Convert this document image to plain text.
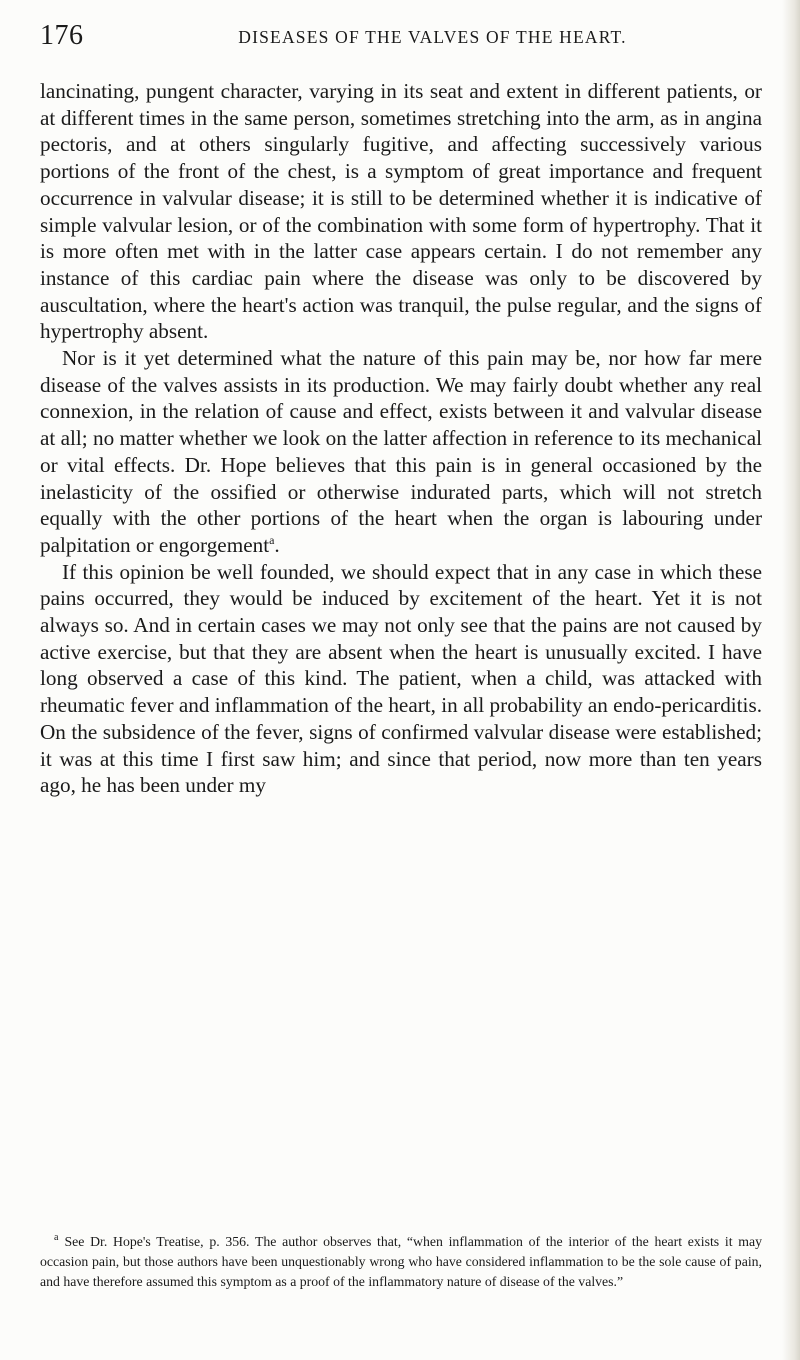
176	DISEASES OF THE VALVES OF THE HEART.

lancinating, pungent character, varying in its seat and extent in different patients, or at different times in the same person, sometimes stretching into the arm, as in angina pectoris, and at others singularly fugitive, and affecting successively various portions of the front of the chest, is a symptom of great importance and frequent occurrence in valvular disease; it is still to be determined whether it is indicative of simple valvular lesion, or of the combination with some form of hypertrophy. That it is more often met with in the latter case appears certain. I do not remember any instance of this cardiac pain where the disease was only to be discovered by auscultation, where the heart's action was tranquil, the pulse regular, and the signs of hypertrophy absent.

Nor is it yet determined what the nature of this pain may be, nor how far mere disease of the valves assists in its production. We may fairly doubt whether any real connexion, in the relation of cause and effect, exists between it and valvular disease at all; no matter whether we look on the latter affection in reference to its mechanical or vital effects. Dr. Hope believes that this pain is in general occasioned by the inelasticity of the ossified or otherwise indurated parts, which will not stretch equally with the other portions of the heart when the organ is labouring under palpitation or engorgement$^a$.

If this opinion be well founded, we should expect that in any case in which these pains occurred, they would be induced by excitement of the heart. Yet it is not always so. And in certain cases we may not only see that the pains are not caused by active exercise, but that they are absent when the heart is unusually excited. I have long observed a case of this kind. The patient, when a child, was attacked with rheumatic fever and inflammation of the heart, in all probability an endo-pericarditis. On the subsidence of the fever, signs of confirmed valvular disease were established; it was at this time I first saw him; and since that period, now more than ten years ago, he has been under my

$^a$ See Dr. Hope's Treatise, p. 356. The author observes that, “when inflammation of the interior of the heart exists it may occasion pain, but those authors have been unquestionably wrong who have considered inflammation to be the sole cause of pain, and have therefore assumed this symptom as a proof of the inflammatory nature of disease of the valves.”
